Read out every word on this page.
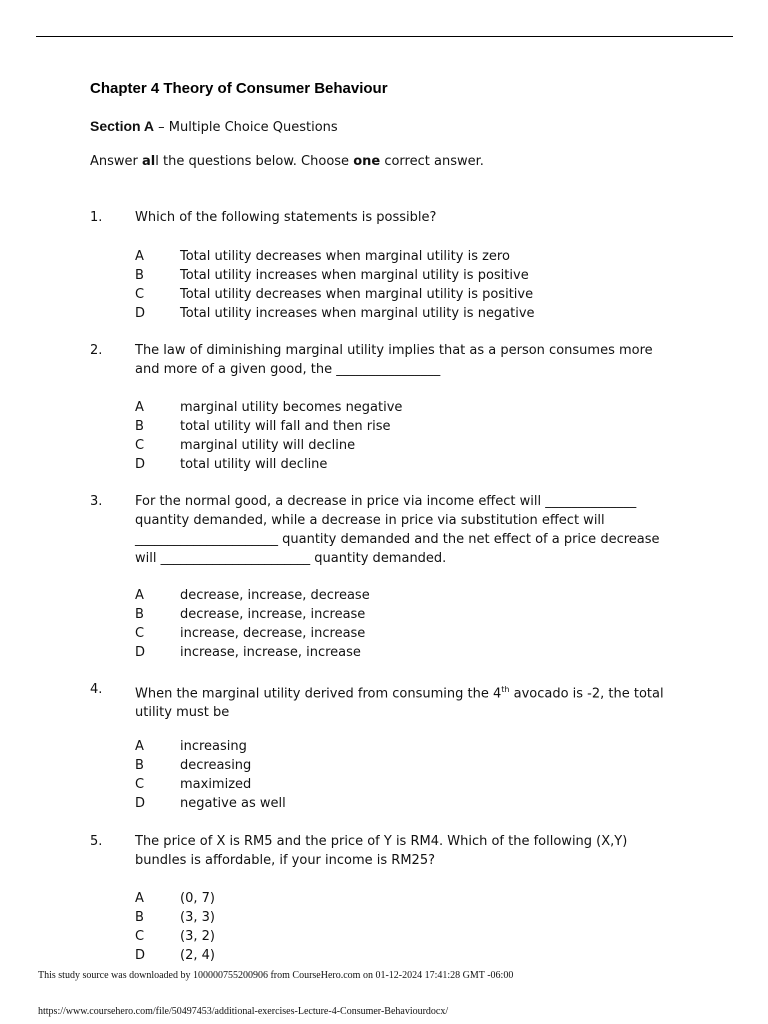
Chapter 4 Theory of Consumer Behaviour
Section A – Multiple Choice Questions
Answer all the questions below. Choose one correct answer.
1.	Which of the following statements is possible?
A	Total utility decreases when marginal utility is zero
B	Total utility increases when marginal utility is positive
C	Total utility decreases when marginal utility is positive
D	Total utility increases when marginal utility is negative
2.	The law of diminishing marginal utility implies that as a person consumes more and more of a given good, the ________________
A	marginal utility becomes negative
B	total utility will fall and then rise
C	marginal utility will decline
D	total utility will decline
3.	For the normal good, a decrease in price via income effect will ______________ quantity demanded, while a decrease in price via substitution effect will ______________________ quantity demanded and the net effect of a price decrease will _______________________ quantity demanded.
A	decrease, increase, decrease
B	decrease, increase, increase
C	increase, decrease, increase
D	increase, increase, increase
4.	When the marginal utility derived from consuming the 4th avocado is -2, the total utility must be
A	increasing
B	decreasing
C	maximized
D	negative as well
5.	The price of X is RM5 and the price of Y is RM4. Which of the following (X,Y) bundles is affordable, if your income is RM25?
A	(0, 7)
B	(3, 3)
C	(3, 2)
D	(2, 4)
This study source was downloaded by 100000755200906 from CourseHero.com on 01-12-2024 17:41:28 GMT -06:00
https://www.coursehero.com/file/50497453/additional-exercises-Lecture-4-Consumer-Behaviourdocx/
